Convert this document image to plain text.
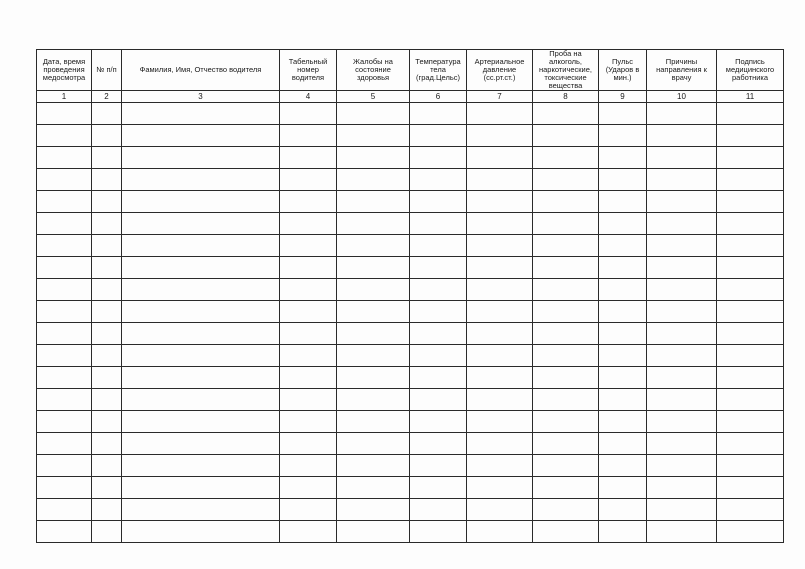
Дата, время проведения медосмотра	№ п/п	Фамилия, Имя, Отчество водителя	Табельный номер водителя	Жалобы на состояние здоровья	Температура тела (град.Цельс)	Артериальное давление (сс.рт.ст.)	Проба на алкоголь, наркотические, токсические вещества	Пульс (Ударов в мин.)	Причины направления к врачу	Подпись медицинского работника

1	2	3	4	5	6	7	8	9	10	11
